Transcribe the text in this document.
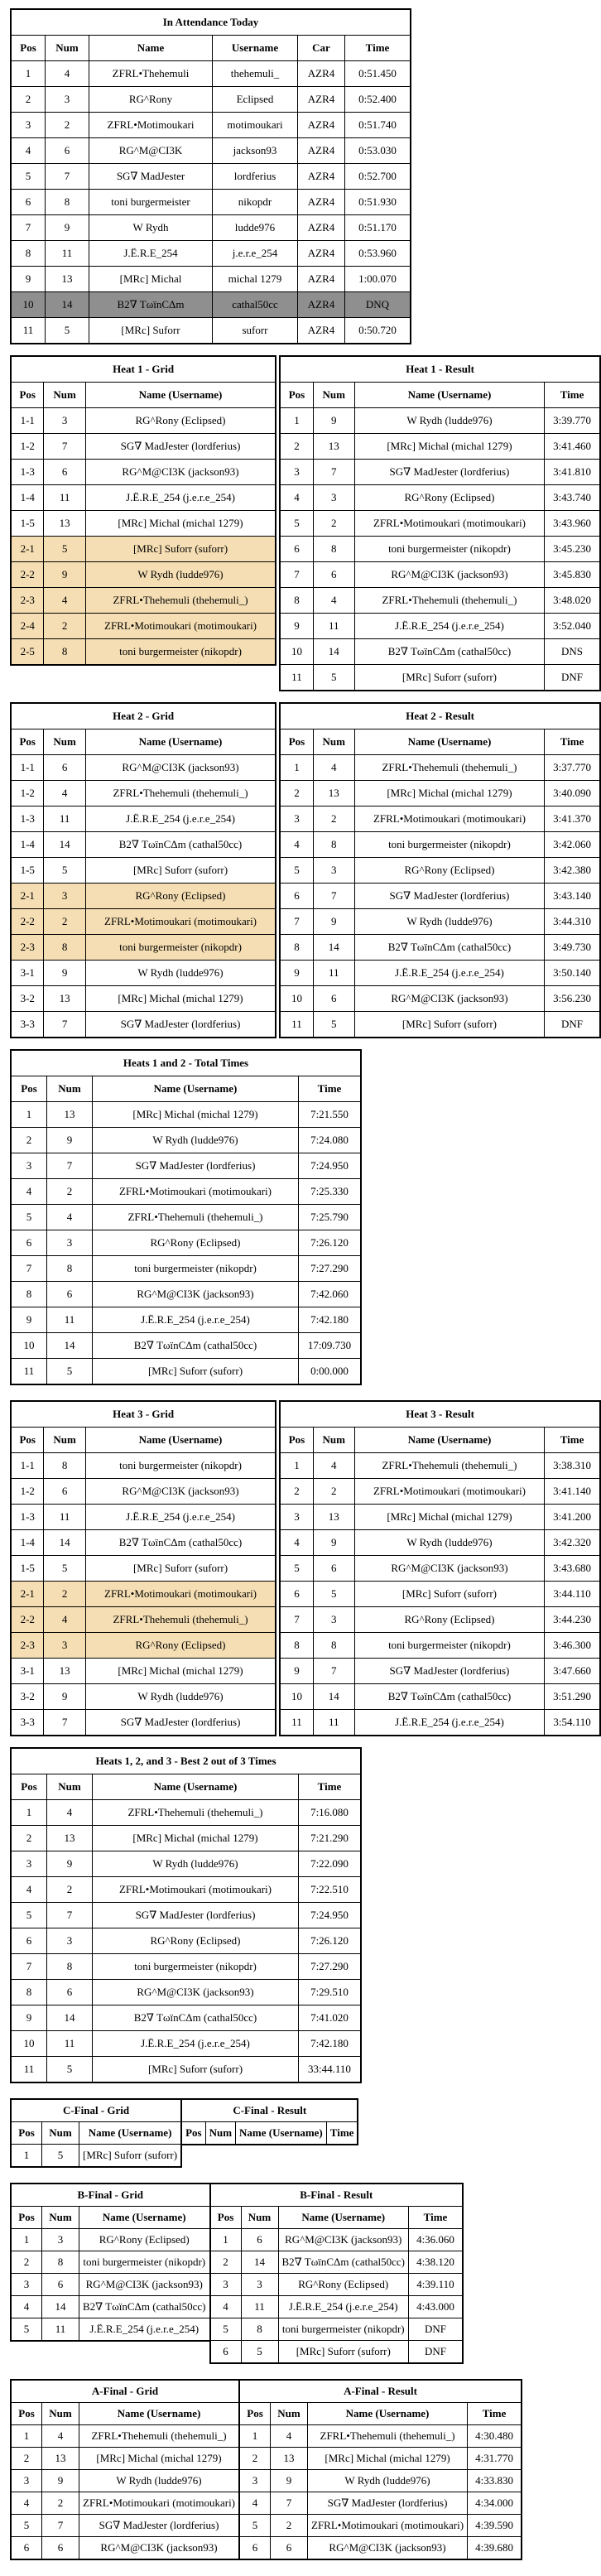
In Attendance Today					
Pos	Num	Name	Username	Car	Time
1	4	ZFRL•Thehemuli	thehemuli_	AZR4	0:51.450
2	3	RG^Rony	Eclipsed	AZR4	0:52.400
3	2	ZFRL•Motimoukari	motimoukari	AZR4	0:51.740
4	6	RG^M@CI3K	jackson93	AZR4	0:53.030
5	7	SG∇ MadJester	lordferius	AZR4	0:52.700
6	8	toni burgermeister	nikopdr	AZR4	0:51.930
7	9	W Rydh	ludde976	AZR4	0:51.170
8	11	J.Ë.R.E_254	j.e.r.e_254	AZR4	0:53.960
9	13	[MRc] Michal	michal 1279	AZR4	1:00.070
10	14	B2∇ TωïnCΔm	cathal50cc	AZR4	DNQ
11	5	[MRc] Suforr	suforr	AZR4	0:50.720
Heat 1 - Grid		
Pos	Num	Name (Username)
1-1	3	RG^Rony (Eclipsed)
1-2	7	SG∇ MadJester (lordferius)
1-3	6	RG^M@CI3K (jackson93)
1-4	11	J.Ë.R.E_254 (j.e.r.e_254)
1-5	13	[MRc] Michal (michal 1279)
2-1	5	[MRc] Suforr (suforr)
2-2	9	W Rydh (ludde976)
2-3	4	ZFRL•Thehemuli (thehemuli_)
2-4	2	ZFRL•Motimoukari (motimoukari)
2-5	8	toni burgermeister (nikopdr)
Heat 1 - Result			
Pos	Num	Name (Username)	Time
1	9	W Rydh (ludde976)	3:39.770
2	13	[MRc] Michal (michal 1279)	3:41.460
3	7	SG∇ MadJester (lordferius)	3:41.810
4	3	RG^Rony (Eclipsed)	3:43.740
5	2	ZFRL•Motimoukari (motimoukari)	3:43.960
6	8	toni burgermeister (nikopdr)	3:45.230
7	6	RG^M@CI3K (jackson93)	3:45.830
8	4	ZFRL•Thehemuli (thehemuli_)	3:48.020
9	11	J.Ë.R.E_254 (j.e.r.e_254)	3:52.040
10	14	B2∇ TωïnCΔm (cathal50cc)	DNS
11	5	[MRc] Suforr (suforr)	DNF
Heat 2 - Grid		
Pos	Num	Name (Username)
1-1	6	RG^M@CI3K (jackson93)
1-2	4	ZFRL•Thehemuli (thehemuli_)
1-3	11	J.Ë.R.E_254 (j.e.r.e_254)
1-4	14	B2∇ TωïnCΔm (cathal50cc)
1-5	5	[MRc] Suforr (suforr)
2-1	3	RG^Rony (Eclipsed)
2-2	2	ZFRL•Motimoukari (motimoukari)
2-3	8	toni burgermeister (nikopdr)
3-1	9	W Rydh (ludde976)
3-2	13	[MRc] Michal (michal 1279)
3-3	7	SG∇ MadJester (lordferius)
Heat 2 - Result			
Pos	Num	Name (Username)	Time
1	4	ZFRL•Thehemuli (thehemuli_)	3:37.770
2	13	[MRc] Michal (michal 1279)	3:40.090
3	2	ZFRL•Motimoukari (motimoukari)	3:41.370
4	8	toni burgermeister (nikopdr)	3:42.060
5	3	RG^Rony (Eclipsed)	3:42.380
6	7	SG∇ MadJester (lordferius)	3:43.140
7	9	W Rydh (ludde976)	3:44.310
8	14	B2∇ TωïnCΔm (cathal50cc)	3:49.730
9	11	J.Ë.R.E_254 (j.e.r.e_254)	3:50.140
10	6	RG^M@CI3K (jackson93)	3:56.230
11	5	[MRc] Suforr (suforr)	DNF
Heats 1 and 2 - Total Times			
Pos	Num	Name (Username)	Time
1	13	[MRc] Michal (michal 1279)	7:21.550
2	9	W Rydh (ludde976)	7:24.080
3	7	SG∇ MadJester (lordferius)	7:24.950
4	2	ZFRL•Motimoukari (motimoukari)	7:25.330
5	4	ZFRL•Thehemuli (thehemuli_)	7:25.790
6	3	RG^Rony (Eclipsed)	7:26.120
7	8	toni burgermeister (nikopdr)	7:27.290
8	6	RG^M@CI3K (jackson93)	7:42.060
9	11	J.Ë.R.E_254 (j.e.r.e_254)	7:42.180
10	14	B2∇ TωïnCΔm (cathal50cc)	17:09.730
11	5	[MRc] Suforr (suforr)	0:00.000
Heat 3 - Grid		
Pos	Num	Name (Username)
1-1	8	toni burgermeister (nikopdr)
1-2	6	RG^M@CI3K (jackson93)
1-3	11	J.Ë.R.E_254 (j.e.r.e_254)
1-4	14	B2∇ TωïnCΔm (cathal50cc)
1-5	5	[MRc] Suforr (suforr)
2-1	2	ZFRL•Motimoukari (motimoukari)
2-2	4	ZFRL•Thehemuli (thehemuli_)
2-3	3	RG^Rony (Eclipsed)
3-1	13	[MRc] Michal (michal 1279)
3-2	9	W Rydh (ludde976)
3-3	7	SG∇ MadJester (lordferius)
Heat 3 - Result			
Pos	Num	Name (Username)	Time
1	4	ZFRL•Thehemuli (thehemuli_)	3:38.310
2	2	ZFRL•Motimoukari (motimoukari)	3:41.140
3	13	[MRc] Michal (michal 1279)	3:41.200
4	9	W Rydh (ludde976)	3:42.320
5	6	RG^M@CI3K (jackson93)	3:43.680
6	5	[MRc] Suforr (suforr)	3:44.110
7	3	RG^Rony (Eclipsed)	3:44.230
8	8	toni burgermeister (nikopdr)	3:46.300
9	7	SG∇ MadJester (lordferius)	3:47.660
10	14	B2∇ TωïnCΔm (cathal50cc)	3:51.290
11	11	J.Ë.R.E_254 (j.e.r.e_254)	3:54.110
Heats 1, 2, and 3 - Best 2 out of 3 Times			
Pos	Num	Name (Username)	Time
1	4	ZFRL•Thehemuli (thehemuli_)	7:16.080
2	13	[MRc] Michal (michal 1279)	7:21.290
3	9	W Rydh (ludde976)	7:22.090
4	2	ZFRL•Motimoukari (motimoukari)	7:22.510
5	7	SG∇ MadJester (lordferius)	7:24.950
6	3	RG^Rony (Eclipsed)	7:26.120
7	8	toni burgermeister (nikopdr)	7:27.290
8	6	RG^M@CI3K (jackson93)	7:29.510
9	14	B2∇ TωïnCΔm (cathal50cc)	7:41.020
10	11	J.Ë.R.E_254 (j.e.r.e_254)	7:42.180
11	5	[MRc] Suforr (suforr)	33:44.110
C-Final - Grid		
Pos	Num	Name (Username)
1	5	[MRc] Suforr (suforr)
C-Final - Result
Pos	Num	Name (Username)	Time
B-Final - Grid		
Pos	Num	Name (Username)
1	3	RG^Rony (Eclipsed)
2	8	toni burgermeister (nikopdr)
3	6	RG^M@CI3K (jackson93)
4	14	B2∇ TωïnCΔm (cathal50cc)
5	11	J.Ë.R.E_254 (j.e.r.e_254)
B-Final - Result			
Pos	Num	Name (Username)	Time
1	6	RG^M@CI3K (jackson93)	4:36.060
2	14	B2∇ TωïnCΔm (cathal50cc)	4:38.120
3	3	RG^Rony (Eclipsed)	4:39.110
4	11	J.Ë.R.E_254 (j.e.r.e_254)	4:43.000
5	8	toni burgermeister (nikopdr)	DNF
6	5	[MRc] Suforr (suforr)	DNF
A-Final - Grid		
Pos	Num	Name (Username)
1	4	ZFRL•Thehemuli (thehemuli_)
2	13	[MRc] Michal (michal 1279)
3	9	W Rydh (ludde976)
4	2	ZFRL•Motimoukari (motimoukari)
5	7	SG∇ MadJester (lordferius)
6	6	RG^M@CI3K (jackson93)
A-Final - Result			
Pos	Num	Name (Username)	Time
1	4	ZFRL•Thehemuli (thehemuli_)	4:30.480
2	13	[MRc] Michal (michal 1279)	4:31.770
3	9	W Rydh (ludde976)	4:33.830
4	7	SG∇ MadJester (lordferius)	4:34.000
5	2	ZFRL•Motimoukari (motimoukari)	4:39.590
6	6	RG^M@CI3K (jackson93)	4:39.680
